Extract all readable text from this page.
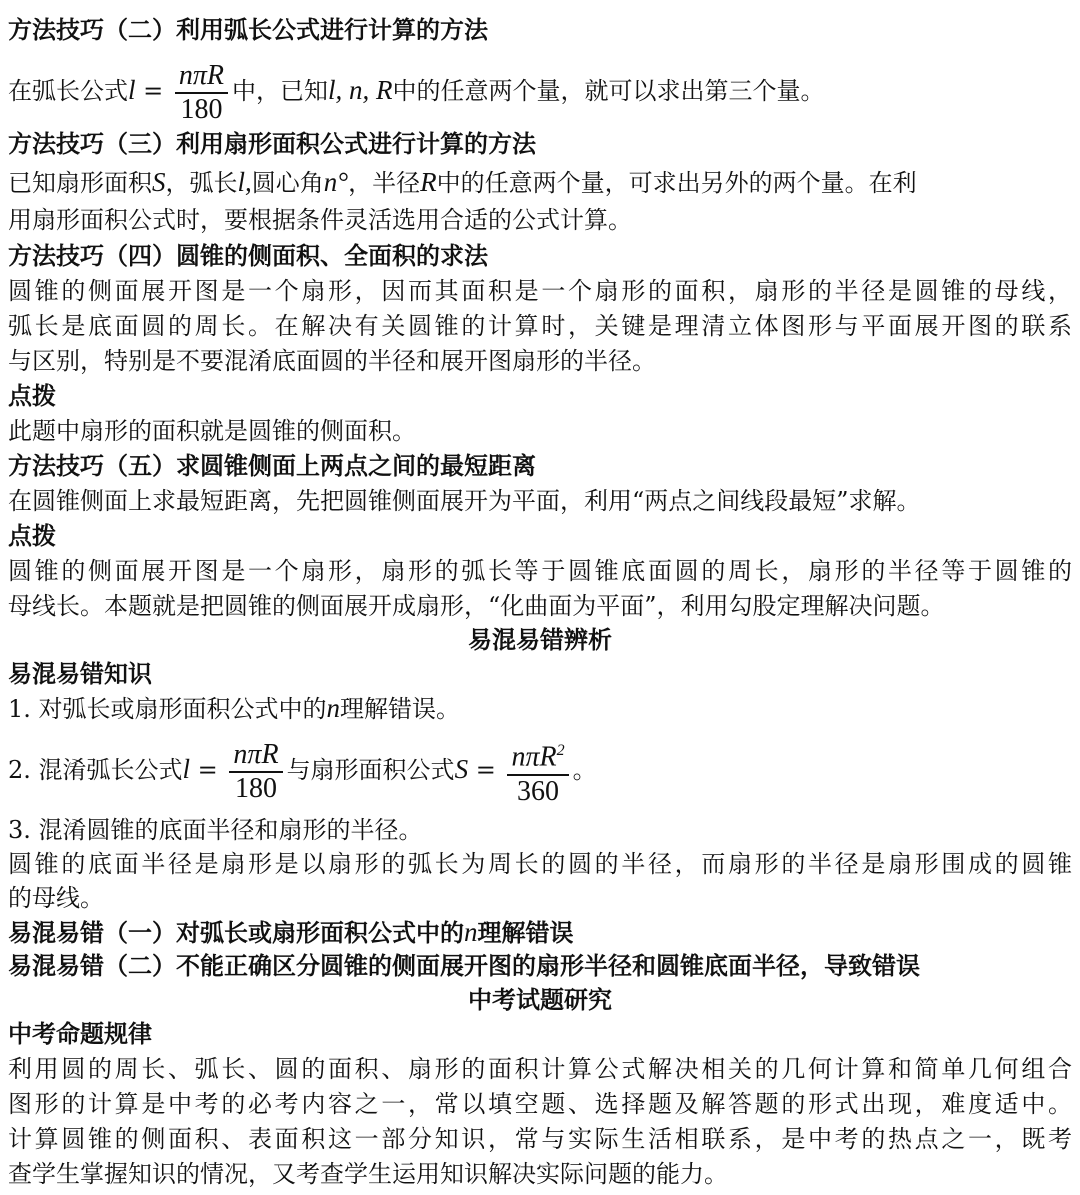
方法技巧（二）利用弧长公式进行计算的方法
在弧长公式$l = \frac{\text{nπR}}{180}$ 中，已知l, n, R中的任意两个量，就可以求出第三个量。
方法技巧（三）利用扇形面积公式进行计算的方法
已知扇形面积S，弧长l,圆心角n°，半径R中的任意两个量，可求出另外的两个量。在利
用扇形面积公式时，要根据条件灵活选用合适的公式计算。
方法技巧（四）圆锥的侧面积、全面积的求法
圆锥的侧面展开图是一个扇形，因而其面积是一个扇形的面积，扇形的半径是圆锥的母线，
弧长是底面圆的周长。在解决有关圆锥的计算时，关键是理清立体图形与平面展开图的联系
与区别，特别是不要混淆底面圆的半径和展开图扇形的半径。
点拨
此题中扇形的面积就是圆锥的侧面积。
方法技巧（五）求圆锥侧面上两点之间的最短距离
在圆锥侧面上求最短距离，先把圆锥侧面展开为平面，利用“两点之间线段最短”求解。
点拨
圆锥的侧面展开图是一个扇形，扇形的弧长等于圆锥底面圆的周长，扇形的半径等于圆锥的
母线长。本题就是把圆锥的侧面展开成扇形，“化曲面为平面”，利用勾股定理解决问题。
易混易错辨析
易混易错知识
1. 对弧长或扇形面积公式中的n理解错误。
2. 混淆弧长公式$l = \frac{\text{nπR}}{180}$ 与扇形面积公式$S = \frac{n\pi R^2}{360}$ 。
3. 混淆圆锥的底面半径和扇形的半径。
圆锥的底面半径是扇形是以扇形的弧长为周长的圆的半径，而扇形的半径是扇形围成的圆锥
的母线。
易混易错（一）对弧长或扇形面积公式中的n理解错误
易混易错（二）不能正确区分圆锥的侧面展开图的扇形半径和圆锥底面半径，导致错误
中考试题研究
中考命题规律
利用圆的周长、弧长、圆的面积、扇形的面积计算公式解决相关的几何计算和简单几何组合
图形的计算是中考的必考内容之一，常以填空题、选择题及解答题的形式出现，难度适中。
计算圆锥的侧面积、表面积这一部分知识，常与实际生活相联系，是中考的热点之一，既考
查学生掌握知识的情况，又考查学生运用知识解决实际问题的能力。
